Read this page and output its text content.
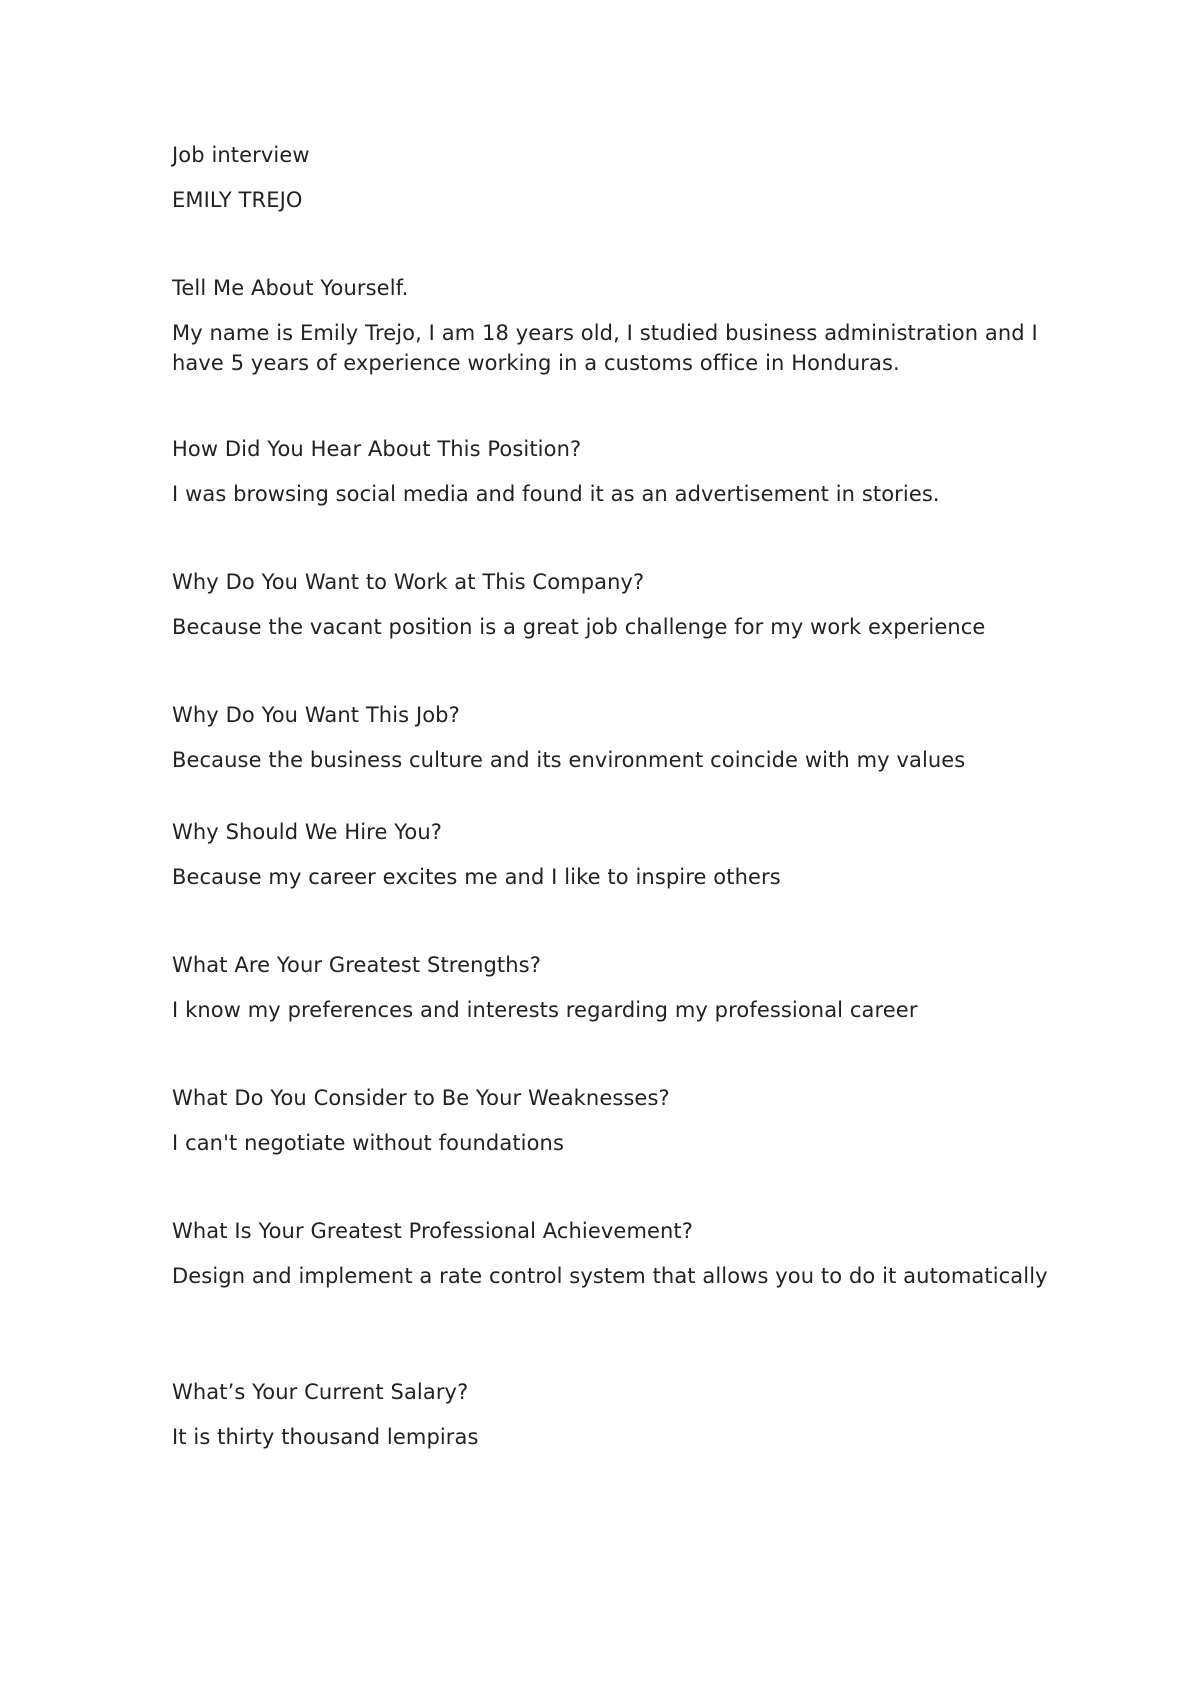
Job interview
EMILY TREJO
Tell Me About Yourself.
My name is Emily Trejo, I am 18 years old, I studied business administration and I have 5 years of experience working in a customs office in Honduras.
How Did You Hear About This Position?
I was browsing social media and found it as an advertisement in stories.
Why Do You Want to Work at This Company?
Because the vacant position is a great job challenge for my work experience
Why Do You Want This Job?
Because the business culture and its environment coincide with my values
Why Should We Hire You?
Because my career excites me and I like to inspire others
What Are Your Greatest Strengths?
I know my preferences and interests regarding my professional career
What Do You Consider to Be Your Weaknesses?
I can't negotiate without foundations
What Is Your Greatest Professional Achievement?
Design and implement a rate control system that allows you to do it automatically
What’s Your Current Salary?
It is thirty thousand lempiras
